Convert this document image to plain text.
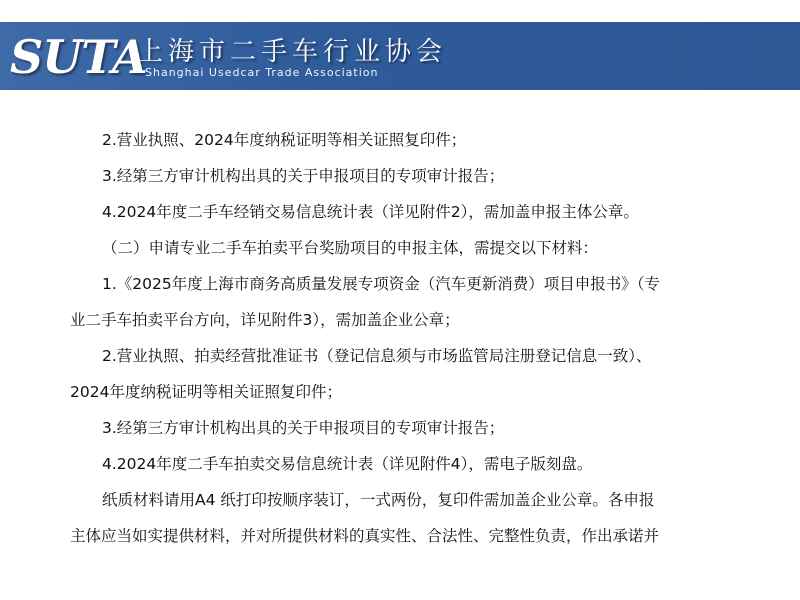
SUTA
上海市二手车行业协会
Shanghai Usedcar Trade Association

2.营业执照、2024年度纳税证明等相关证照复印件；

3.经第三方审计机构出具的关于申报项目的专项审计报告；

4.2024年度二手车经销交易信息统计表（详见附件2），需加盖申报主体公章。

（二）申请专业二手车拍卖平台奖励项目的申报主体，需提交以下材料：

1.《2025年度上海市商务高质量发展专项资金（汽车更新消费）项目申报书》（专

业二手车拍卖平台方向，详见附件3），需加盖企业公章；

2.营业执照、拍卖经营批准证书（登记信息须与市场监管局注册登记信息一致）、

2024年度纳税证明等相关证照复印件；

3.经第三方审计机构出具的关于申报项目的专项审计报告；

4.2024年度二手车拍卖交易信息统计表（详见附件4），需电子版刻盘。

纸质材料请用A4 纸打印按顺序装订，一式两份，复印件需加盖企业公章。各申报

主体应当如实提供材料，并对所提供材料的真实性、合法性、完整性负责，作出承诺并
